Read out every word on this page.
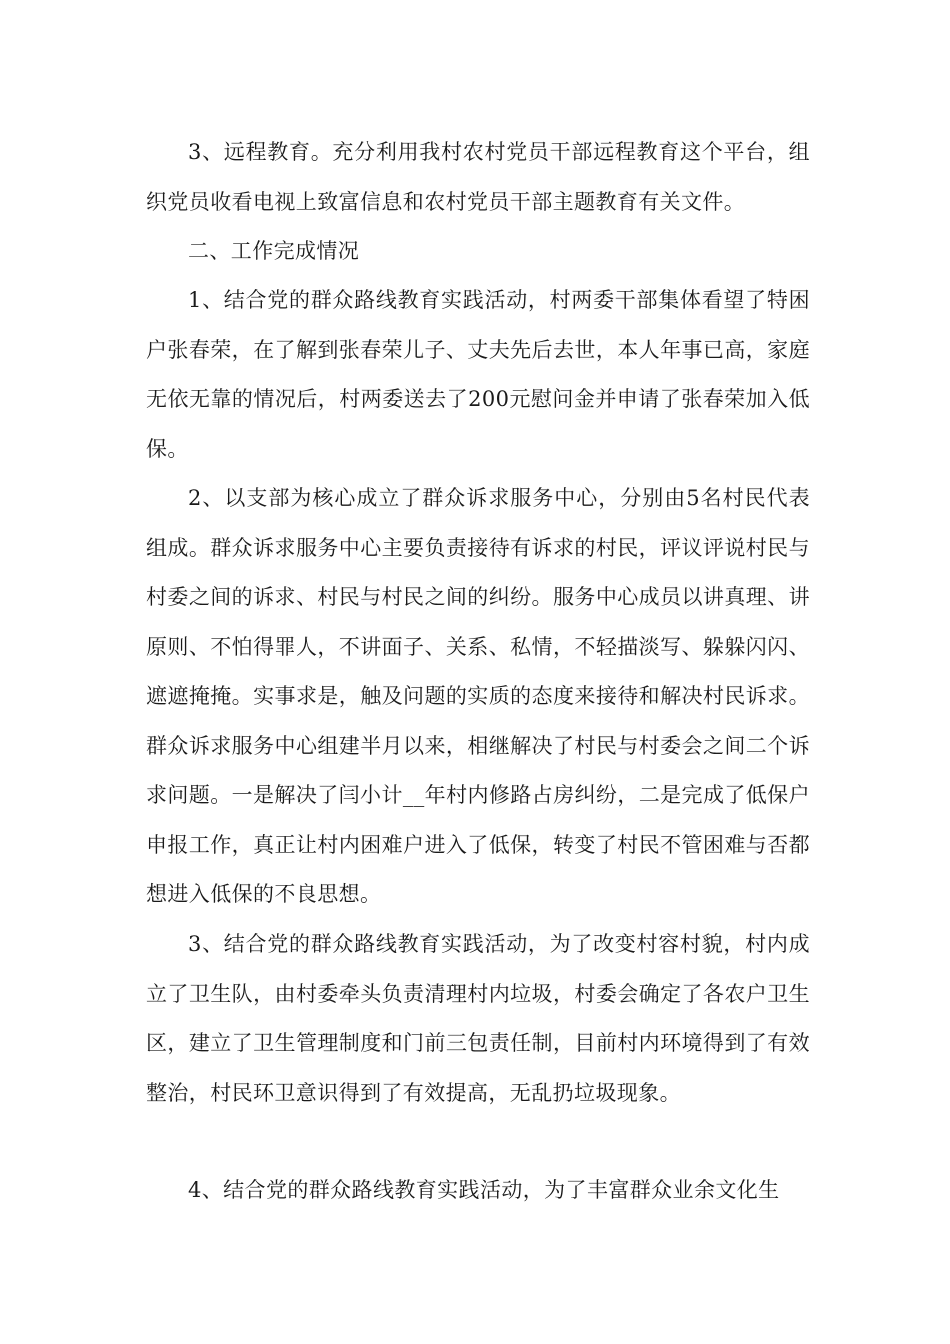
3、远程教育。充分利用我村农村党员干部远程教育这个平台，组织党员收看电视上致富信息和农村党员干部主题教育有关文件。

二、工作完成情况

1、结合党的群众路线教育实践活动，村两委干部集体看望了特困户张春荣，在了解到张春荣儿子、丈夫先后去世，本人年事已高，家庭无依无靠的情况后，村两委送去了200元慰问金并申请了张春荣加入低保。

2、以支部为核心成立了群众诉求服务中心，分别由5名村民代表组成。群众诉求服务中心主要负责接待有诉求的村民，评议评说村民与村委之间的诉求、村民与村民之间的纠纷。服务中心成员以讲真理、讲原则、不怕得罪人，不讲面子、关系、私情，不轻描淡写、躲躲闪闪、遮遮掩掩。实事求是，触及问题的实质的态度来接待和解决村民诉求。群众诉求服务中心组建半月以来，相继解决了村民与村委会之间二个诉求问题。一是解决了闫小计__年村内修路占房纠纷，二是完成了低保户申报工作，真正让村内困难户进入了低保，转变了村民不管困难与否都想进入低保的不良思想。

3、结合党的群众路线教育实践活动，为了改变村容村貌，村内成立了卫生队，由村委牵头负责清理村内垃圾，村委会确定了各农户卫生区，建立了卫生管理制度和门前三包责任制，目前村内环境得到了有效整治，村民环卫意识得到了有效提高，无乱扔垃圾现象。

4、结合党的群众路线教育实践活动，为了丰富群众业余文化生
